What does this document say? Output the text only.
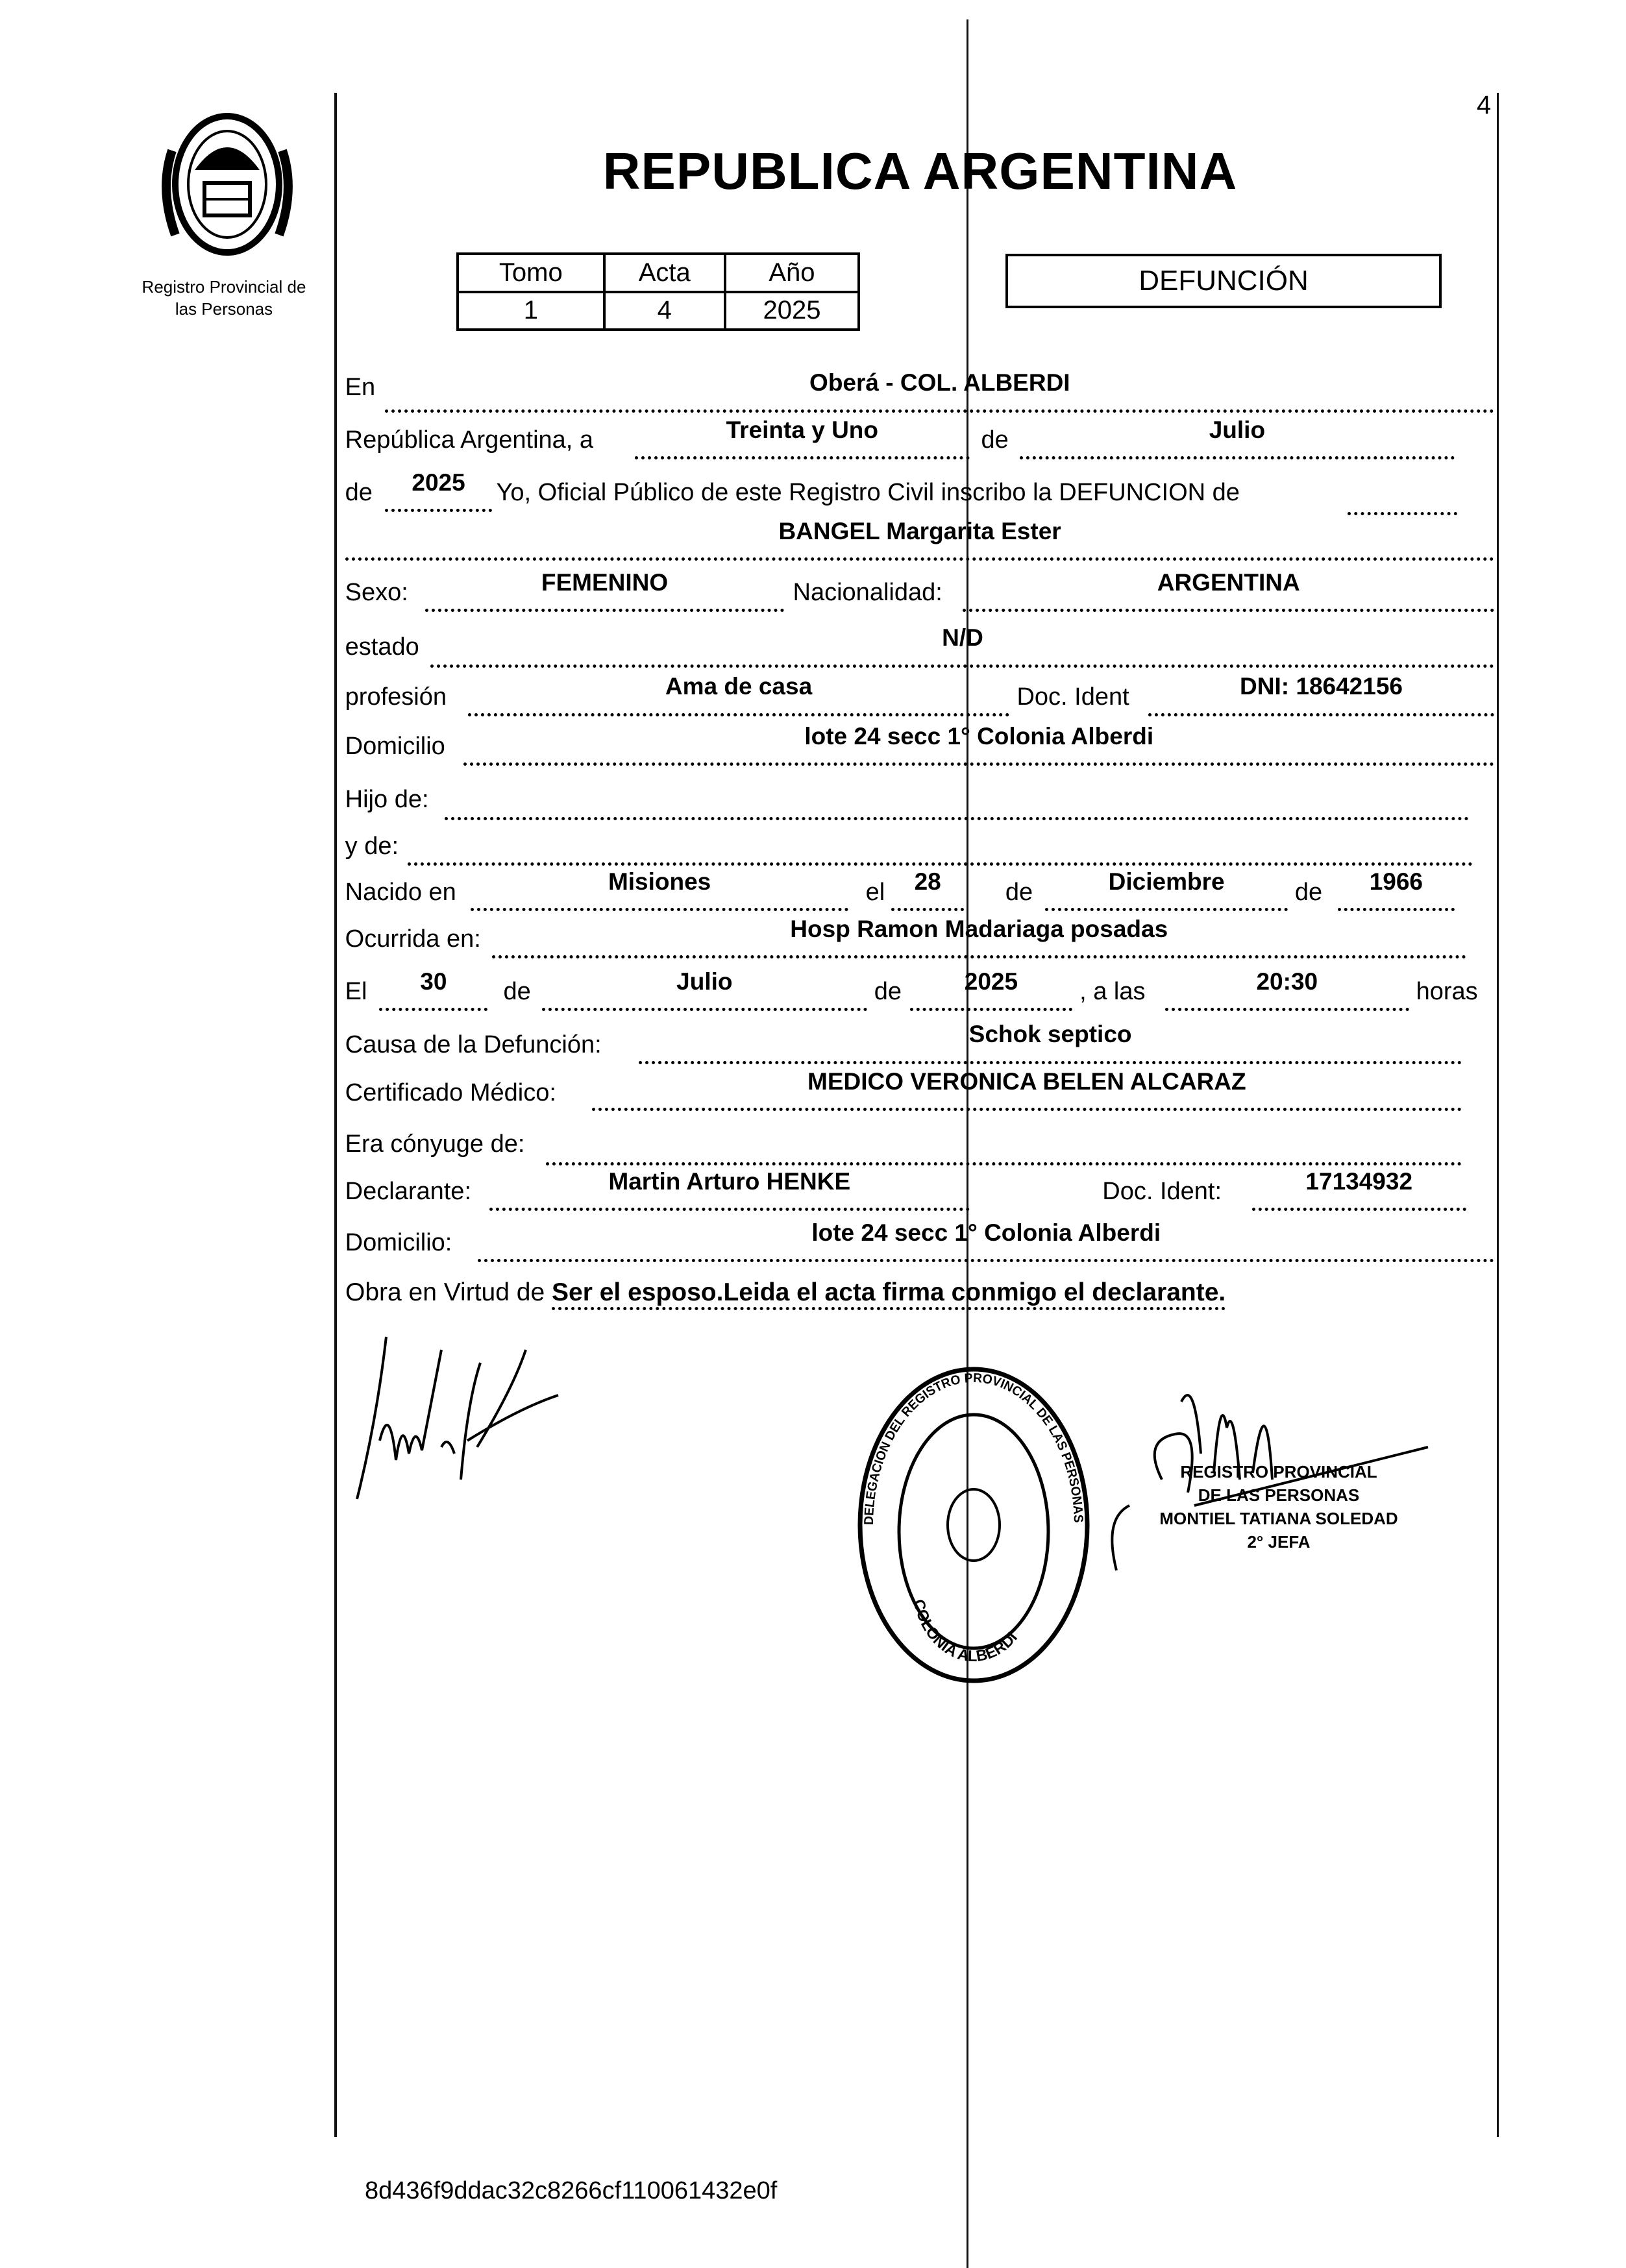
Registro Provincial de las Personas
REPUBLICA ARGENTINA
4
Tomo	Acta	Año
1	4	2025
DEFUNCIÓN
En	Oberá - COL. ALBERDI
República Argentina, a	Treinta y Uno	de	Julio
de 2025 Yo, Oficial Público de este Registro Civil inscribo la DEFUNCION de
BANGEL Margarita Ester
Sexo:	FEMENINO	Nacionalidad:	ARGENTINA
estado	N/D
profesión	Ama de casa	Doc. Ident	DNI: 18642156
Domicilio	lote 24 secc 1° Colonia Alberdi
Hijo de:
y de:
Nacido en	Misiones	el 28	de	Diciembre	de 1966
Ocurrida en:	Hosp Ramon Madariaga posadas
El 30 de	Julio	de	2025	, a las	20:30	horas
Causa de la Defunción:	Schok septico
Certificado Médico:	MEDICO VERONICA BELEN ALCARAZ
Era cónyuge de:
Declarante:	Martin Arturo HENKE	Doc. Ident:	17134932
Domicilio:	lote 24 secc 1° Colonia Alberdi
Obra en Virtud de Ser el esposo.Leida el acta firma conmigo el declarante.
DELEGACION DEL REGISTRO PROVINCIAL DE LAS PERSONAS
COLONIA ALBERDI
REGISTRO PROVINCIAL
DE LAS PERSONAS
MONTIEL TATIANA SOLEDAD
2° JEFA
8d436f9ddac32c8266cf110061432e0f
